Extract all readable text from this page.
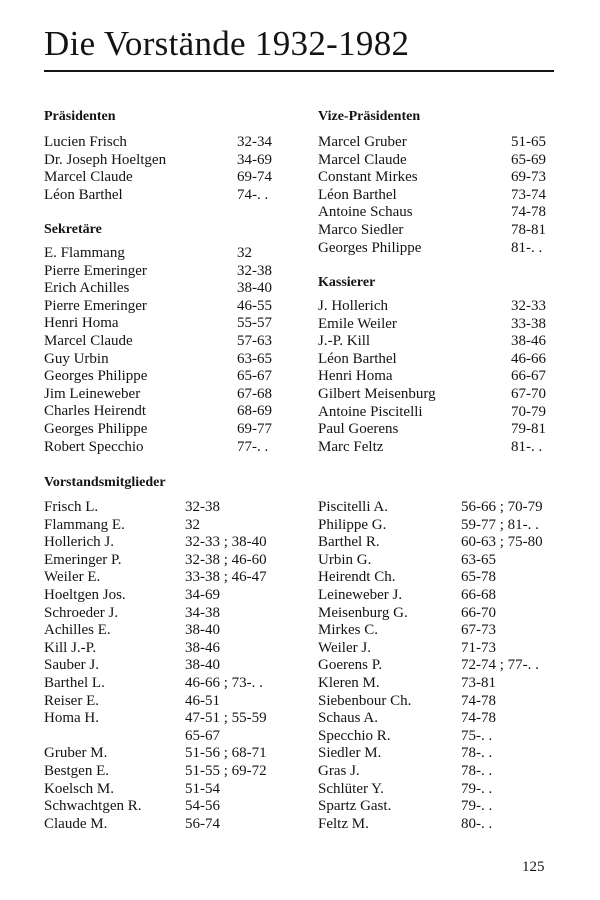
Die Vorstände 1932-1982
Präsidenten
Lucien Frisch	32-34
Dr. Joseph Hoeltgen	34-69
Marcel Claude	69-74
Léon Barthel	74-. .
Vize-Präsidenten
Marcel Gruber	51-65
Marcel Claude	65-69
Constant Mirkes	69-73
Léon Barthel	73-74
Antoine Schaus	74-78
Marco Siedler	78-81
Georges Philippe	81-. .
Sekretäre
E. Flammang	32
Pierre Emeringer	32-38
Erich Achilles	38-40
Pierre Emeringer	46-55
Henri Homa	55-57
Marcel Claude	57-63
Guy Urbin	63-65
Georges Philippe	65-67
Jim Leineweber	67-68
Charles Heirendt	68-69
Georges Philippe	69-77
Robert Specchio	77-. .
Kassierer
J. Hollerich	32-33
Emile Weiler	33-38
J.-P. Kill	38-46
Léon Barthel	46-66
Henri Homa	66-67
Gilbert Meisenburg	67-70
Antoine Piscitelli	70-79
Paul Goerens	79-81
Marc Feltz	81-. .
Vorstandsmitglieder
Frisch L.	32-38
Flammang E.	32
Hollerich J.	32-33 ; 38-40
Emeringer P.	32-38 ; 46-60
Weiler E.	33-38 ; 46-47
Hoeltgen Jos.	34-69
Schroeder J.	34-38
Achilles E.	38-40
Kill J.-P.	38-46
Sauber J.	38-40
Barthel L.	46-66 ; 73-. .
Reiser E.	46-51
Homa H.	47-51 ; 55-59
65-67
Gruber M.	51-56 ; 68-71
Bestgen E.	51-55 ; 69-72
Koelsch M.	51-54
Schwachtgen R.	54-56
Claude M.	56-74
Piscitelli A.	56-66 ; 70-79
Philippe G.	59-77 ; 81-. .
Barthel R.	60-63 ; 75-80
Urbin G.	63-65
Heirendt Ch.	65-78
Leineweber J.	66-68
Meisenburg G.	66-70
Mirkes C.	67-73
Weiler J.	71-73
Goerens P.	72-74 ; 77-. .
Kleren M.	73-81
Siebenbour Ch.	74-78
Schaus A.	74-78
Specchio R.	75-. .
Siedler M.	78-. .
Gras J.	78-. .
Schlüter Y.	79-. .
Spartz Gast.	79-. .
Feltz M.	80-. .
125
